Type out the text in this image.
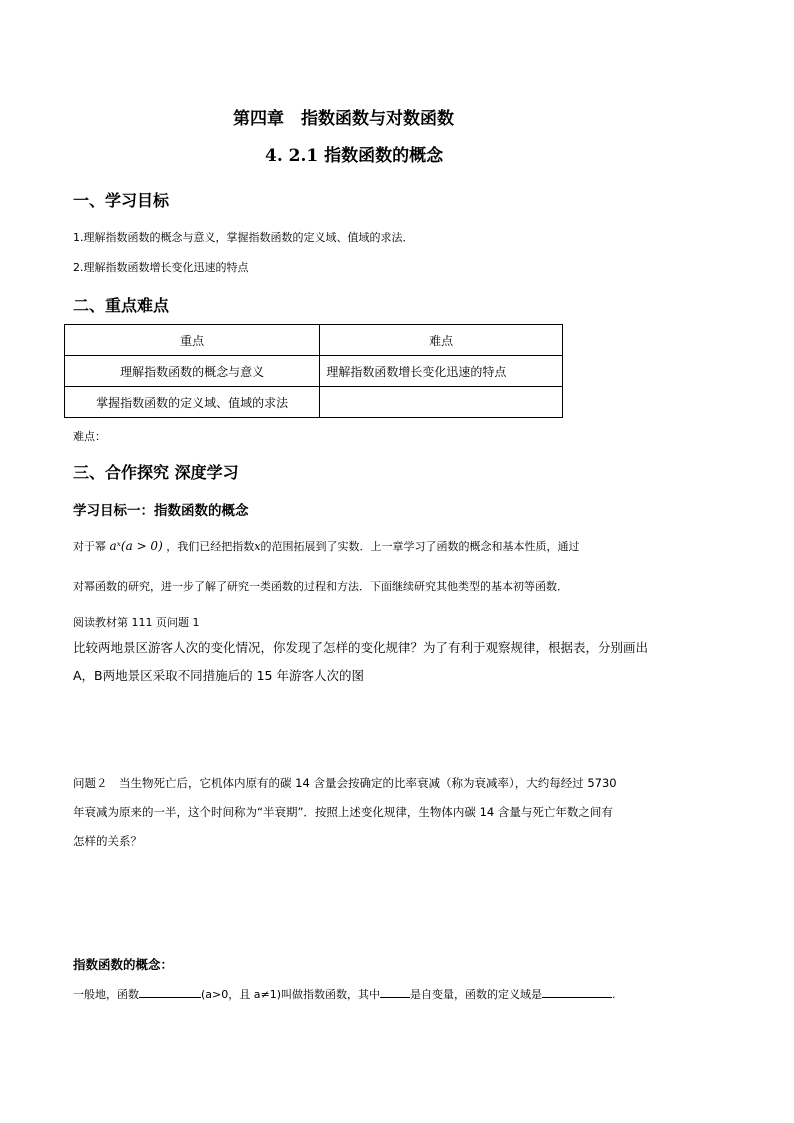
第四章　指数函数与对数函数
4. 2.1 指数函数的概念
一、学习目标
1.理解指数函数的概念与意义，掌握指数函数的定义域、值域的求法．
2.理解指数函数增长变化迅速的特点
二、重点难点
重点	难点
理解指数函数的概念与意义	理解指数函数增长变化迅速的特点
掌握指数函数的定义域、值域的求法	
难点：
三、合作探究 深度学习
学习目标一：指数函数的概念
对于幂 aˣ(a > 0) ，我们已经把指数x的范围拓展到了实数．上一章学习了函数的概念和基本性质，通过
对幂函数的研究，进一步了解了研究一类函数的过程和方法．下面继续研究其他类型的基本初等函数．
阅读教材第 111 页问题 1
比较两地景区游客人次的变化情况，你发现了怎样的变化规律？为了有利于观察规律，根据表，分别画出
A，B两地景区采取不同措施后的 15 年游客人次的图
问题２　当生物死亡后，它机体内原有的碳 14 含量会按确定的比率衰减（称为衰减率），大约每经过 5730
年衰减为原来的一半，这个时间称为“半衰期”．按照上述变化规律，生物体内碳 14 含量与死亡年数之间有
怎样的关系？
指数函数的概念：
一般地，函数	(a>0，且 a≠1)叫做指数函数，其中	是自变量，函数的定义域是	.
